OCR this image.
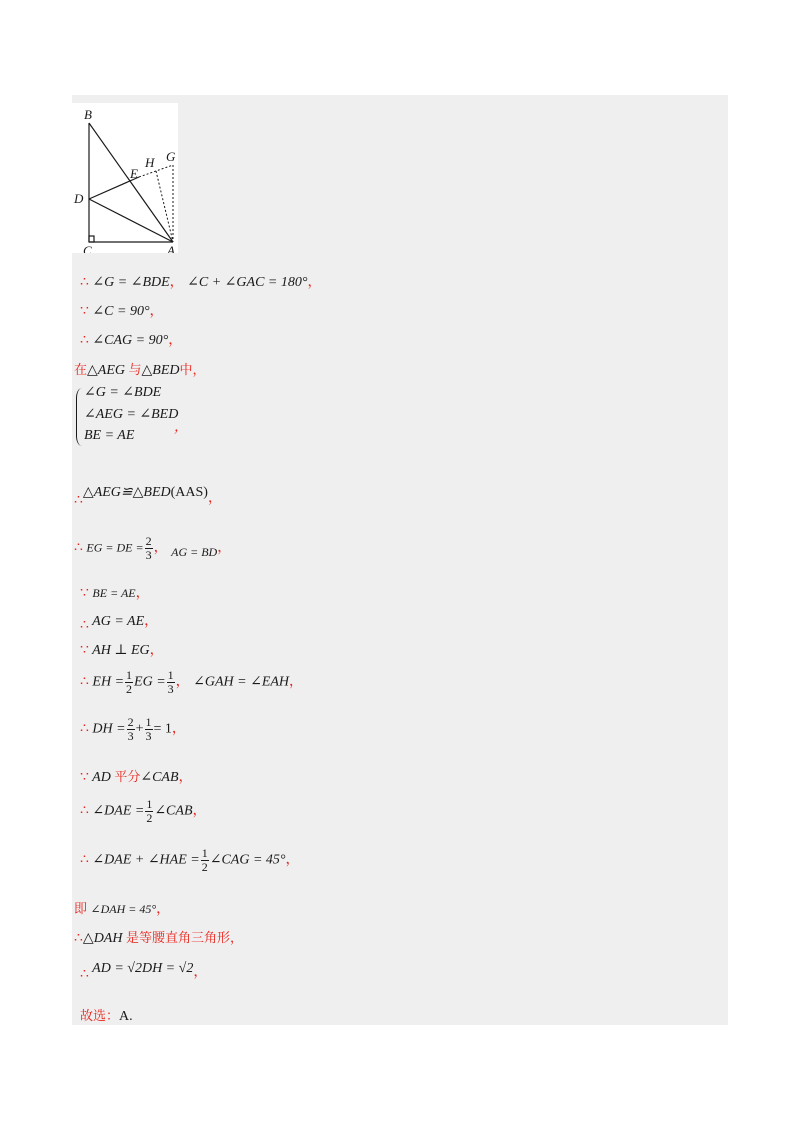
B
E
H G
D
C	A
∴ ∠G = ∠BDE， ∠C + ∠GAC = 180°，
∵ ∠C = 90°，
∴ ∠CAG = 90°，
在△AEG 与△BED中，
∠G = ∠BDE
∠AEG = ∠BED
BE = AE
，
∴△AEG≌△BED(AAS)，
∴ EG = DE = $\frac{2}{3}$ ， AG = BD，
∵ BE = AE，
∴ AG = AE，
∵ AH ⊥ EG，
∴ EH = $\frac{1}{2}$ EG = $\frac{1}{3}$ ， ∠GAH = ∠EAH，
∴ DH = $\frac{2}{3} + \frac{1}{3} = 1$，
∵ AD 平分∠CAB，
∴ ∠DAE = $\frac{1}{2}$ ∠CAB，
∴ ∠DAE + ∠HAE = $\frac{1}{2}$ ∠CAG = 45°，
即 ∠DAH = 45°，
∴△DAH 是等腰直角三角形，
∴ AD = √2DH = √2，
故选：A.
